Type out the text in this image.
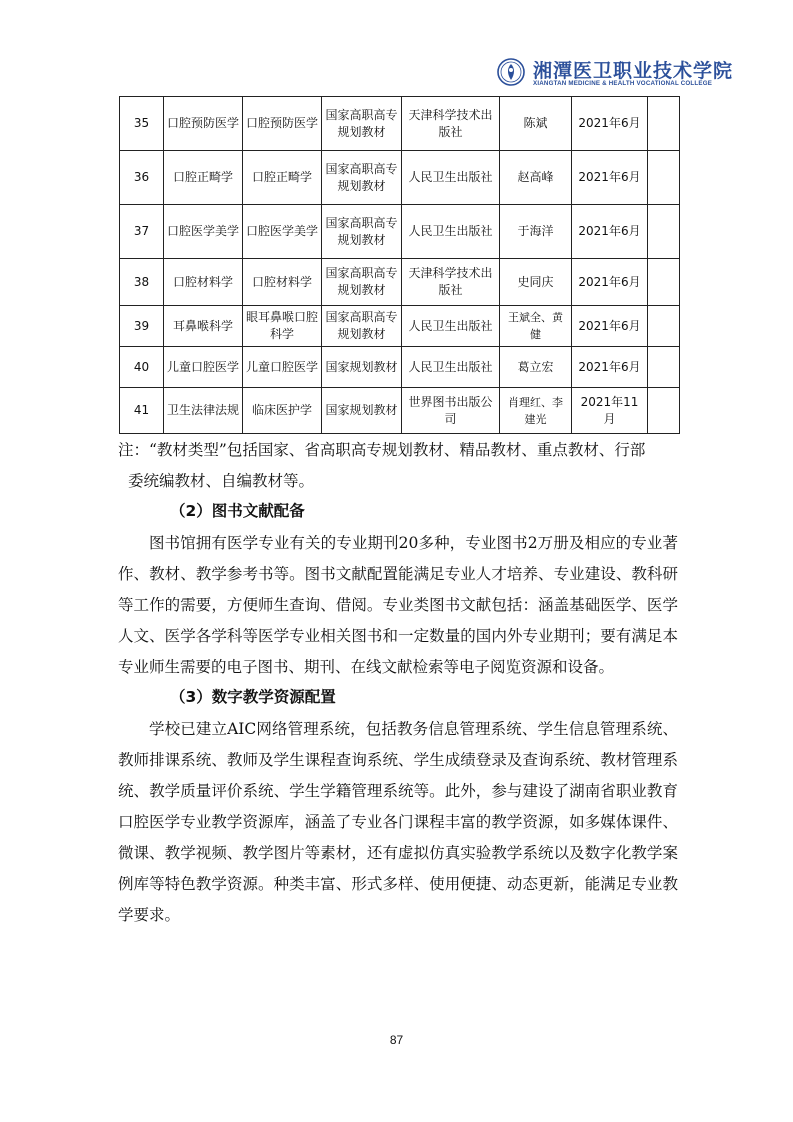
湘潭医卫职业技术学院
XIANGTAN MEDICINE & HEALTH VOCATIONAL COLLEGE
35	口腔预防医学	口腔预防医学	国家高职高专规划教材	天津科学技术出版社	陈斌	2021年6月	
36	口腔正畸学	口腔正畸学	国家高职高专规划教材	人民卫生出版社	赵高峰	2021年6月	
37	口腔医学美学	口腔医学美学	国家高职高专规划教材	人民卫生出版社	于海洋	2021年6月	
38	口腔材料学	口腔材料学	国家高职高专规划教材	天津科学技术出版社	史同庆	2021年6月	
39	耳鼻喉科学	眼耳鼻喉口腔科学	国家高职高专规划教材	人民卫生出版社	王斌全、黄健	2021年6月	
40	儿童口腔医学	儿童口腔医学	国家规划教材	人民卫生出版社	葛立宏	2021年6月	
41	卫生法律法规	临床医护学	国家规划教材	世界图书出版公司	肖理红、李建光	2021年11月	
注：“教材类型”包括国家、省高职高专规划教材、精品教材、重点教材、行部
委统编教材、自编教材等。
（2）图书文献配备
图书馆拥有医学专业有关的专业期刊20多种，专业图书2万册及相应的专业著作、教材、教学参考书等。图书文献配置能满足专业人才培养、专业建设、教科研等工作的需要，方便师生查询、借阅。专业类图书文献包括：涵盖基础医学、医学人文、医学各学科等医学专业相关图书和一定数量的国内外专业期刊；要有满足本专业师生需要的电子图书、期刊、在线文献检索等电子阅览资源和设备。
（3）数字教学资源配置
学校已建立AIC网络管理系统，包括教务信息管理系统、学生信息管理系统、教师排课系统、教师及学生课程查询系统、学生成绩登录及查询系统、教材管理系统、教学质量评价系统、学生学籍管理系统等。此外，参与建设了湖南省职业教育口腔医学专业教学资源库，涵盖了专业各门课程丰富的教学资源，如多媒体课件、微课、教学视频、教学图片等素材，还有虚拟仿真实验教学系统以及数字化教学案例库等特色教学资源。种类丰富、形式多样、使用便捷、动态更新，能满足专业教学要求。
87
